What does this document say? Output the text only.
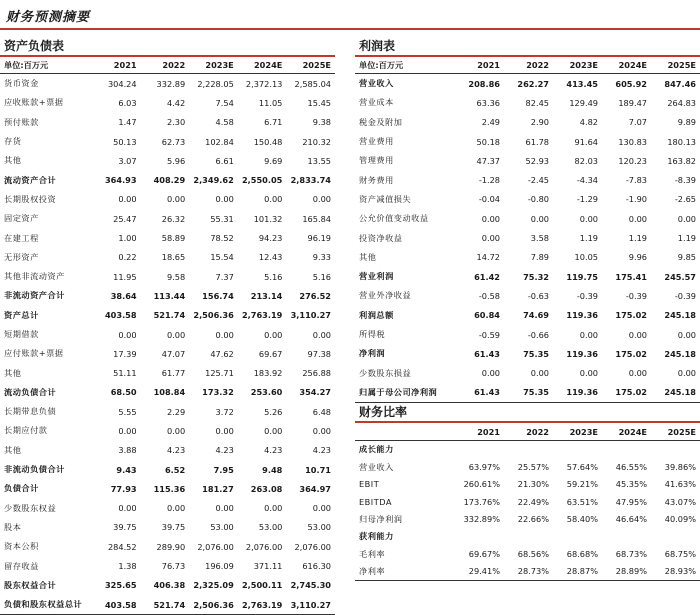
财务预测摘要
资产负债表
单位:百万元	2021	2022	2023E	2024E	2025E
货币资金	304.24	332.89	2,228.05	2,372.13	2,585.04
应收账款+票据	6.03	4.42	7.54	11.05	15.45
预付账款	1.47	2.30	4.58	6.71	9.38
存货	50.13	62.73	102.84	150.48	210.32
其他	3.07	5.96	6.61	9.69	13.55
流动资产合计	364.93	408.29	2,349.62	2,550.05	2,833.74
长期股权投资	0.00	0.00	0.00	0.00	0.00
固定资产	25.47	26.32	55.31	101.32	165.84
在建工程	1.00	58.89	78.52	94.23	96.19
无形资产	0.22	18.65	15.54	12.43	9.33
其他非流动资产	11.95	9.58	7.37	5.16	5.16
非流动资产合计	38.64	113.44	156.74	213.14	276.52
资产总计	403.58	521.74	2,506.36	2,763.19	3,110.27
短期借款	0.00	0.00	0.00	0.00	0.00
应付账款+票据	17.39	47.07	47.62	69.67	97.38
其他	51.11	61.77	125.71	183.92	256.88
流动负债合计	68.50	108.84	173.32	253.60	354.27
长期带息负债	5.55	2.29	3.72	5.26	6.48
长期应付款	0.00	0.00	0.00	0.00	0.00
其他	3.88	4.23	4.23	4.23	4.23
非流动负债合计	9.43	6.52	7.95	9.48	10.71
负债合计	77.93	115.36	181.27	263.08	364.97
少数股东权益	0.00	0.00	0.00	0.00	0.00
股本	39.75	39.75	53.00	53.00	53.00
资本公积	284.52	289.90	2,076.00	2,076.00	2,076.00
留存收益	1.38	76.73	196.09	371.11	616.30
股东权益合计	325.65	406.38	2,325.09	2,500.11	2,745.30
负债和股东权益总计	403.58	521.74	2,506.36	2,763.19	3,110.27
利润表
单位:百万元	2021	2022	2023E	2024E	2025E
营业收入	208.86	262.27	413.45	605.92	847.46
营业成本	63.36	82.45	129.49	189.47	264.83
税金及附加	2.49	2.90	4.82	7.07	9.89
营业费用	50.18	61.78	91.64	130.83	180.13
管理费用	47.37	52.93	82.03	120.23	163.82
财务费用	-1.28	-2.45	-4.34	-7.83	-8.39
资产减值损失	-0.04	-0.80	-1.29	-1.90	-2.65
公允价值变动收益	0.00	0.00	0.00	0.00	0.00
投资净收益	0.00	3.58	1.19	1.19	1.19
其他	14.72	7.89	10.05	9.96	9.85
营业利润	61.42	75.32	119.75	175.41	245.57
营业外净收益	-0.58	-0.63	-0.39	-0.39	-0.39
利润总额	60.84	74.69	119.36	175.02	245.18
所得税	-0.59	-0.66	0.00	0.00	0.00
净利润	61.43	75.35	119.36	175.02	245.18
少数股东损益	0.00	0.00	0.00	0.00	0.00
归属于母公司净利润	61.43	75.35	119.36	175.02	245.18
财务比率
	2021	2022	2023E	2024E	2025E
成长能力					
营业收入	63.97%	25.57%	57.64%	46.55%	39.86%
EBIT	260.61%	21.30%	59.21%	45.35%	41.63%
EBITDA	173.76%	22.49%	63.51%	47.95%	43.07%
归母净利润	332.89%	22.66%	58.40%	46.64%	40.09%
获利能力					
毛利率	69.67%	68.56%	68.68%	68.73%	68.75%
净利率	29.41%	28.73%	28.87%	28.89%	28.93%
